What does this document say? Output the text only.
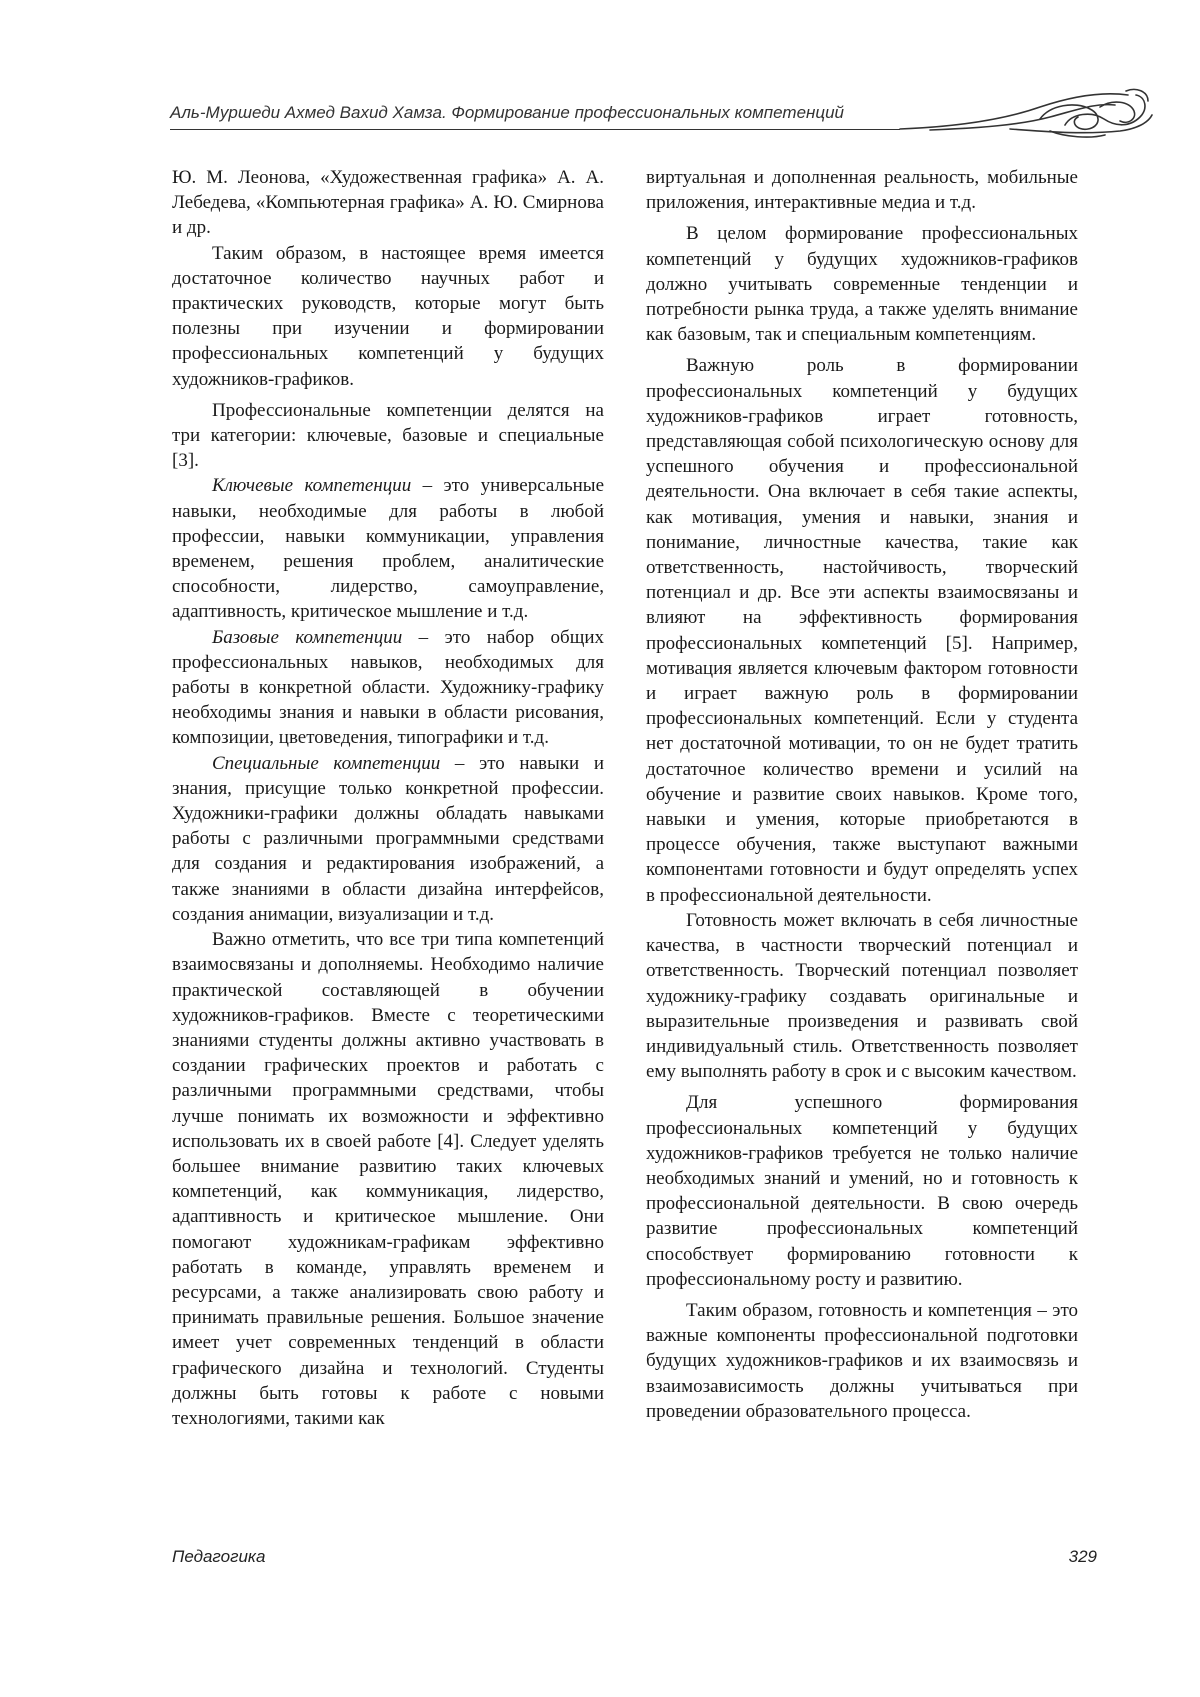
Аль-Муршеди Ахмед Вахид Хамза. Формирование профессиональных компетенций

Ю. М. Леонова, «Художественная графика» А. А. Лебедева, «Компьютерная графика» А. Ю. Смирнова и др.

Таким образом, в настоящее время имеется достаточное количество научных работ и практических руководств, которые могут быть полезны при изучении и формировании профессиональных компетенций у будущих художников-графиков.

Профессиональные компетенции делятся на три категории: ключевые, базовые и специальные [3].

Ключевые компетенции – это универсальные навыки, необходимые для работы в любой профессии, навыки коммуникации, управления временем, решения проблем, аналитические способности, лидерство, самоуправление, адаптивность, критическое мышление и т.д.

Базовые компетенции – это набор общих профессиональных навыков, необходимых для работы в конкретной области. Художнику-графику необходимы знания и навыки в области рисования, композиции, цветоведения, типографики и т.д.

Специальные компетенции – это навыки и знания, присущие только конкретной профессии. Художники-графики должны обладать навыками работы с различными программными средствами для создания и редактирования изображений, а также знаниями в области дизайна интерфейсов, создания анимации, визуализации и т.д.

Важно отметить, что все три типа компетенций взаимосвязаны и дополняемы. Необходимо наличие практической составляющей в обучении художников-графиков. Вместе с теоретическими знаниями студенты должны активно участвовать в создании графических проектов и работать с различными программными средствами, чтобы лучше понимать их возможности и эффективно использовать их в своей работе [4]. Следует уделять большее внимание развитию таких ключевых компетенций, как коммуникация, лидерство, адаптивность и критическое мышление. Они помогают художникам-графикам эффективно работать в команде, управлять временем и ресурсами, а также анализировать свою работу и принимать правильные решения. Большое значение имеет учет современных тенденций в области графического дизайна и технологий. Студенты должны быть готовы к работе с новыми технологиями, такими как

виртуальная и дополненная реальность, мобильные приложения, интерактивные медиа и т.д.

В целом формирование профессиональных компетенций у будущих художников-графиков должно учитывать современные тенденции и потребности рынка труда, а также уделять внимание как базовым, так и специальным компетенциям.

Важную роль в формировании профессиональных компетенций у будущих художников-графиков играет готовность, представляющая собой психологическую основу для успешного обучения и профессиональной деятельности. Она включает в себя такие аспекты, как мотивация, умения и навыки, знания и понимание, личностные качества, такие как ответственность, настойчивость, творческий потенциал и др. Все эти аспекты взаимосвязаны и влияют на эффективность формирования профессиональных компетенций [5]. Например, мотивация является ключевым фактором готовности и играет важную роль в формировании профессиональных компетенций. Если у студента нет достаточной мотивации, то он не будет тратить достаточное количество времени и усилий на обучение и развитие своих навыков. Кроме того, навыки и умения, которые приобретаются в процессе обучения, также выступают важными компонентами готовности и будут определять успех в профессиональной деятельности.

Готовность может включать в себя личностные качества, в частности творческий потенциал и ответственность. Творческий потенциал позволяет художнику-графику создавать оригинальные и выразительные произведения и развивать свой индивидуальный стиль. Ответственность позволяет ему выполнять работу в срок и с высоким качеством.

Для успешного формирования профессиональных компетенций у будущих художников-графиков требуется не только наличие необходимых знаний и умений, но и готовность к профессиональной деятельности. В свою очередь развитие профессиональных компетенций способствует формированию готовности к профессиональному росту и развитию.

Таким образом, готовность и компетенция – это важные компоненты профессиональной подготовки будущих художников-графиков и их взаимосвязь и взаимозависимость должны учитываться при проведении образовательного процесса.

Педагогика	329
